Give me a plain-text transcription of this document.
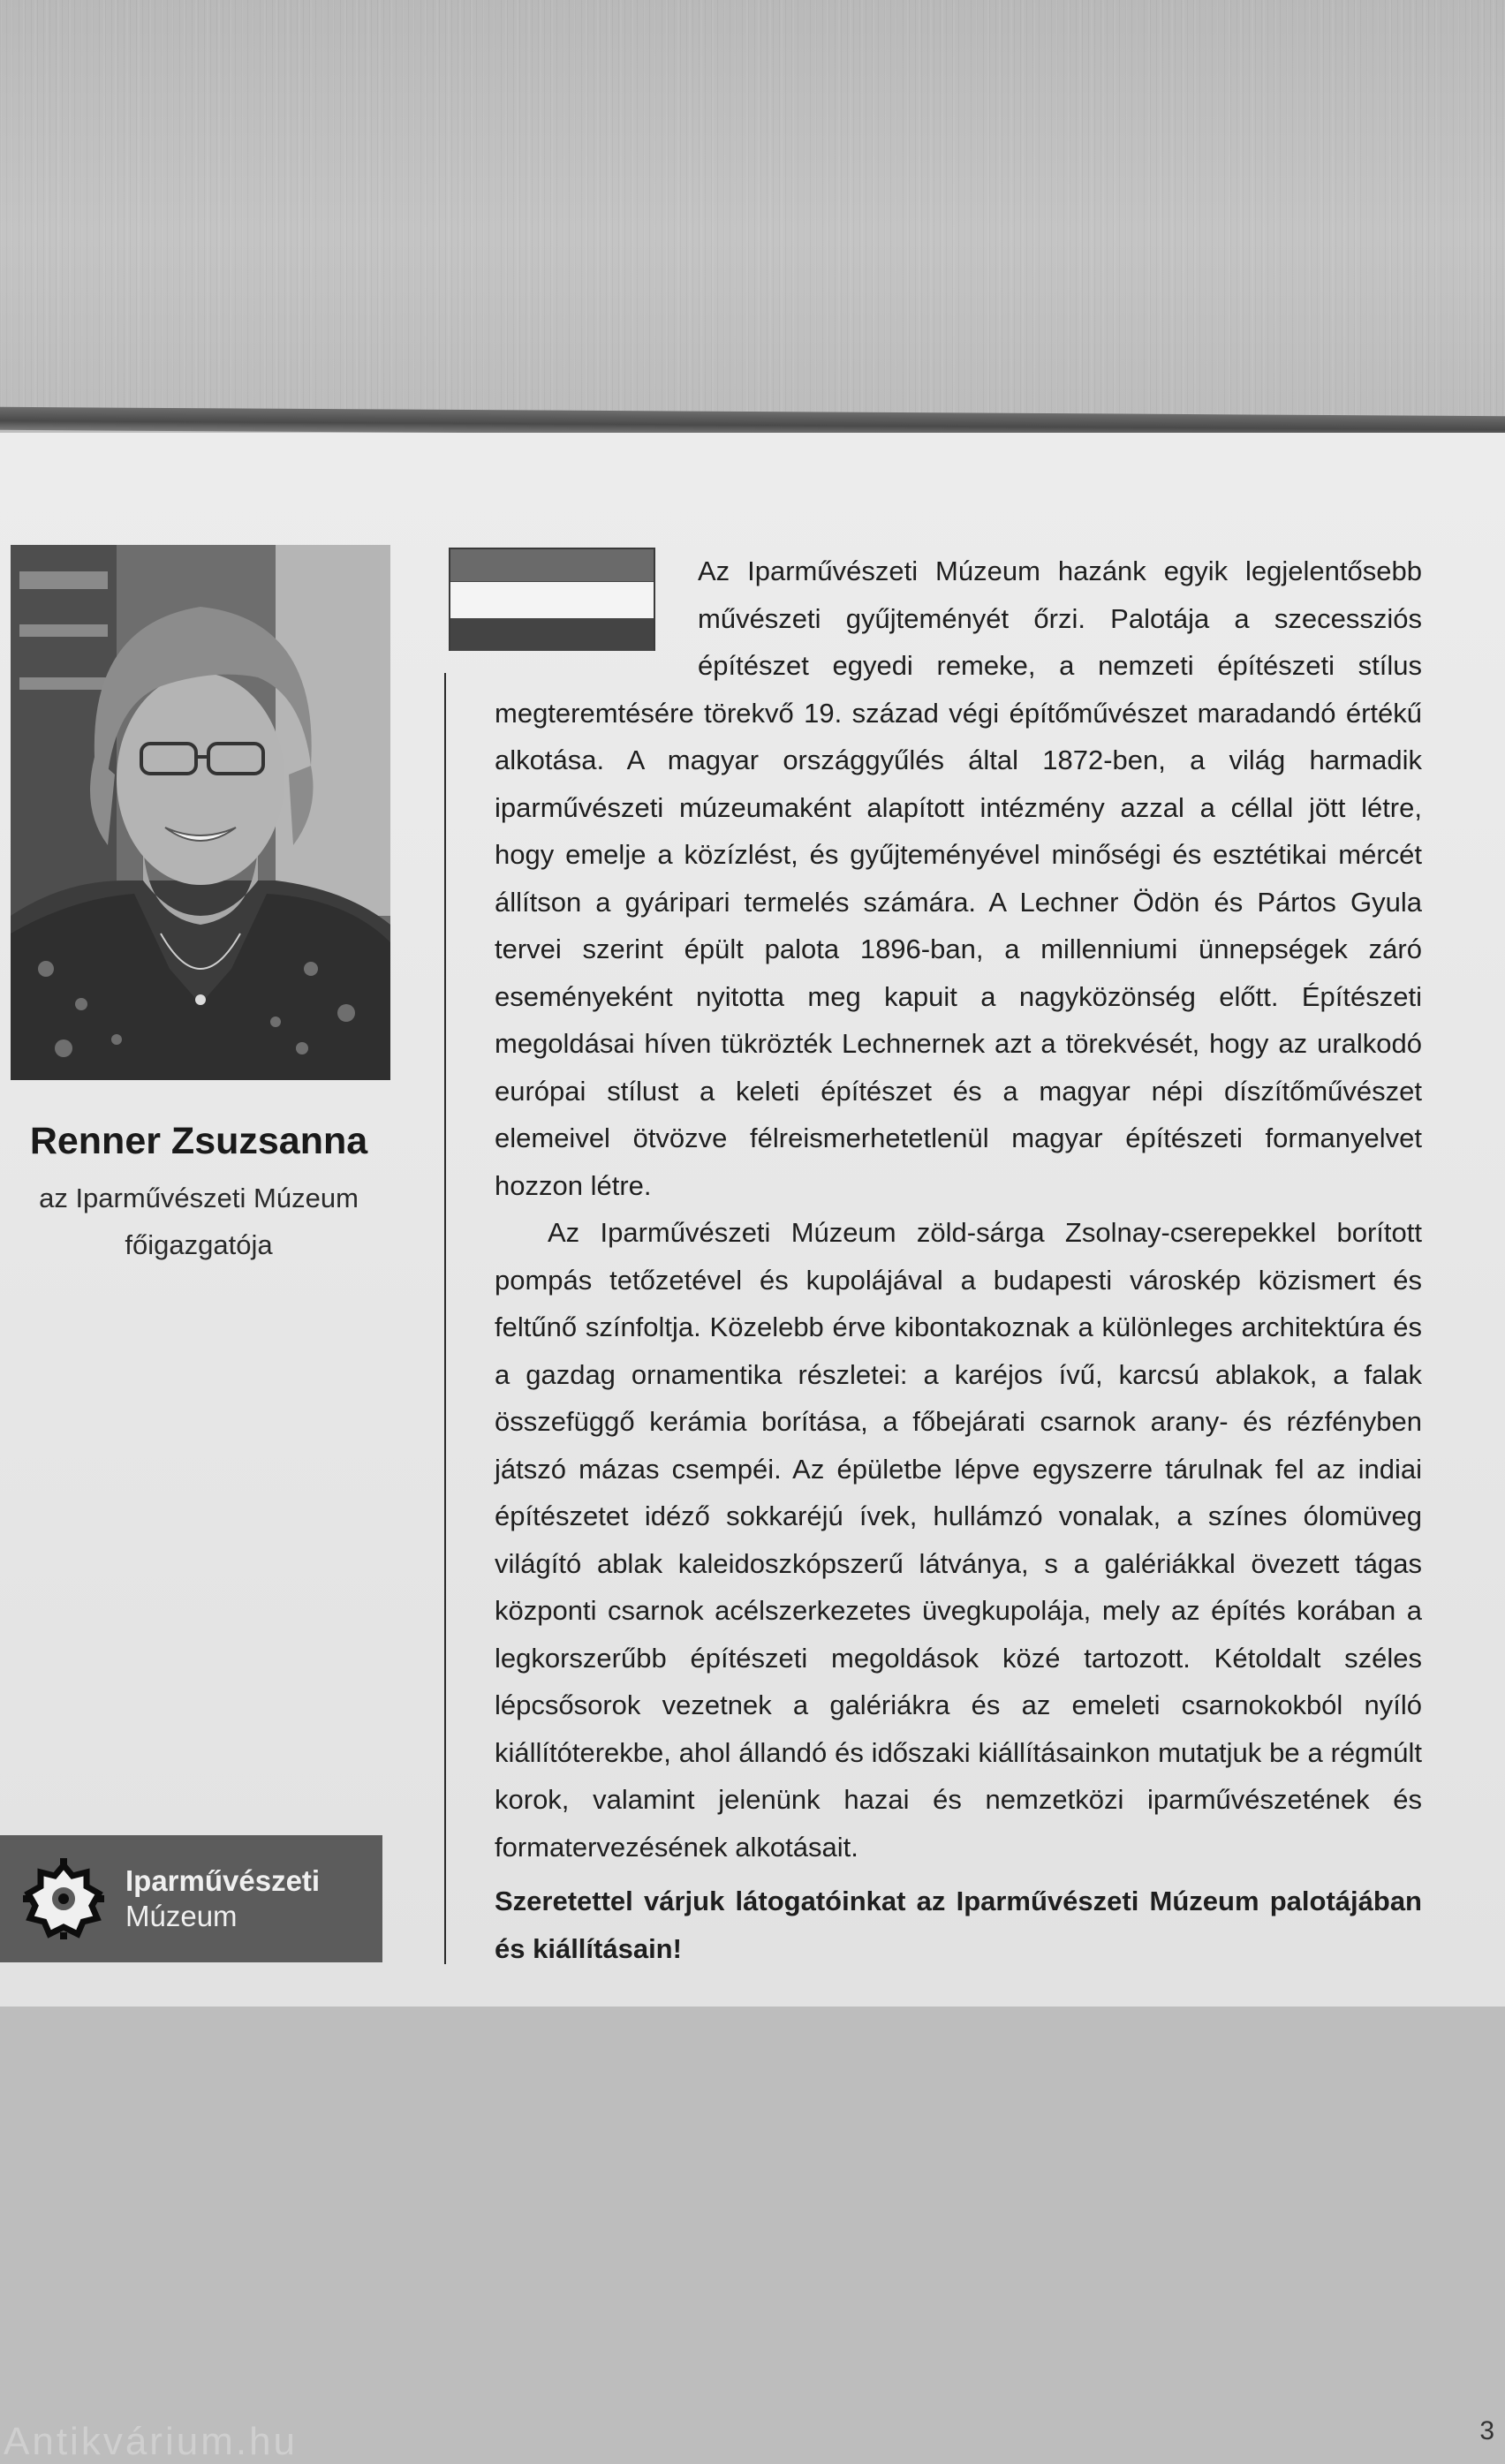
Renner Zsuzsanna
az Iparművészeti Múzeum
főigazgatója
Iparművészeti
Múzeum

Az Iparművészeti Múzeum hazánk egyik legjelentősebb művészeti gyűjteményét őrzi. Palotája a szecessziós építészet egyedi remeke, a nemzeti építészeti stílus megteremtésére törekvő 19. század végi építőművészet maradandó értékű alkotása. A magyar országgyűlés által 1872-ben, a világ harmadik iparművészeti múzeumaként alapított intézmény azzal a céllal jött létre, hogy emelje a közízlést, és gyűjteményével minőségi és esztétikai mércét állítson a gyáripari termelés számára. A Lechner Ödön és Pártos Gyula tervei szerint épült palota 1896-ban, a millenniumi ünnepségek záró eseményeként nyitotta meg kapuit a nagyközönség előtt. Építészeti megoldásai híven tükrözték Lechnernek azt a törekvését, hogy az uralkodó európai stílust a keleti építészet és a magyar népi díszítőművészet elemeivel ötvözve félreismerhetetlenül magyar építészeti formanyelvet hozzon létre.

Az Iparművészeti Múzeum zöld-sárga Zsolnay-cserepekkel borított pompás tetőzetével és kupolájával a budapesti városkép közismert és feltűnő színfoltja. Közelebb érve kibontakoznak a különleges architektúra és a gazdag ornamentika részletei: a karéjos ívű, karcsú ablakok, a falak összefüggő kerámia borítása, a főbejárati csarnok arany- és rézfényben játszó mázas csempéi. Az épületbe lépve egyszerre tárulnak fel az indiai építészetet idéző sokkaréjú ívek, hullámzó vonalak, a színes ólomüveg világító ablak kaleidoszkópszerű látványa, s a galériákkal övezett tágas központi csarnok acélszerkezetes üvegkupolája, mely az építés korában a legkorszerűbb építészeti megoldások közé tartozott. Kétoldalt széles lépcsősorok vezetnek a galériákra és az emeleti csarnokokból nyíló kiállítóterekbe, ahol állandó és időszaki kiállításainkon mutatjuk be a régmúlt korok, valamint jelenünk hazai és nemzetközi iparművészetének és formatervezésének alkotásait.

Szeretettel várjuk látogatóinkat az Iparművészeti Múzeum palotájában és kiállításain!

Antikvárium.hu	3
